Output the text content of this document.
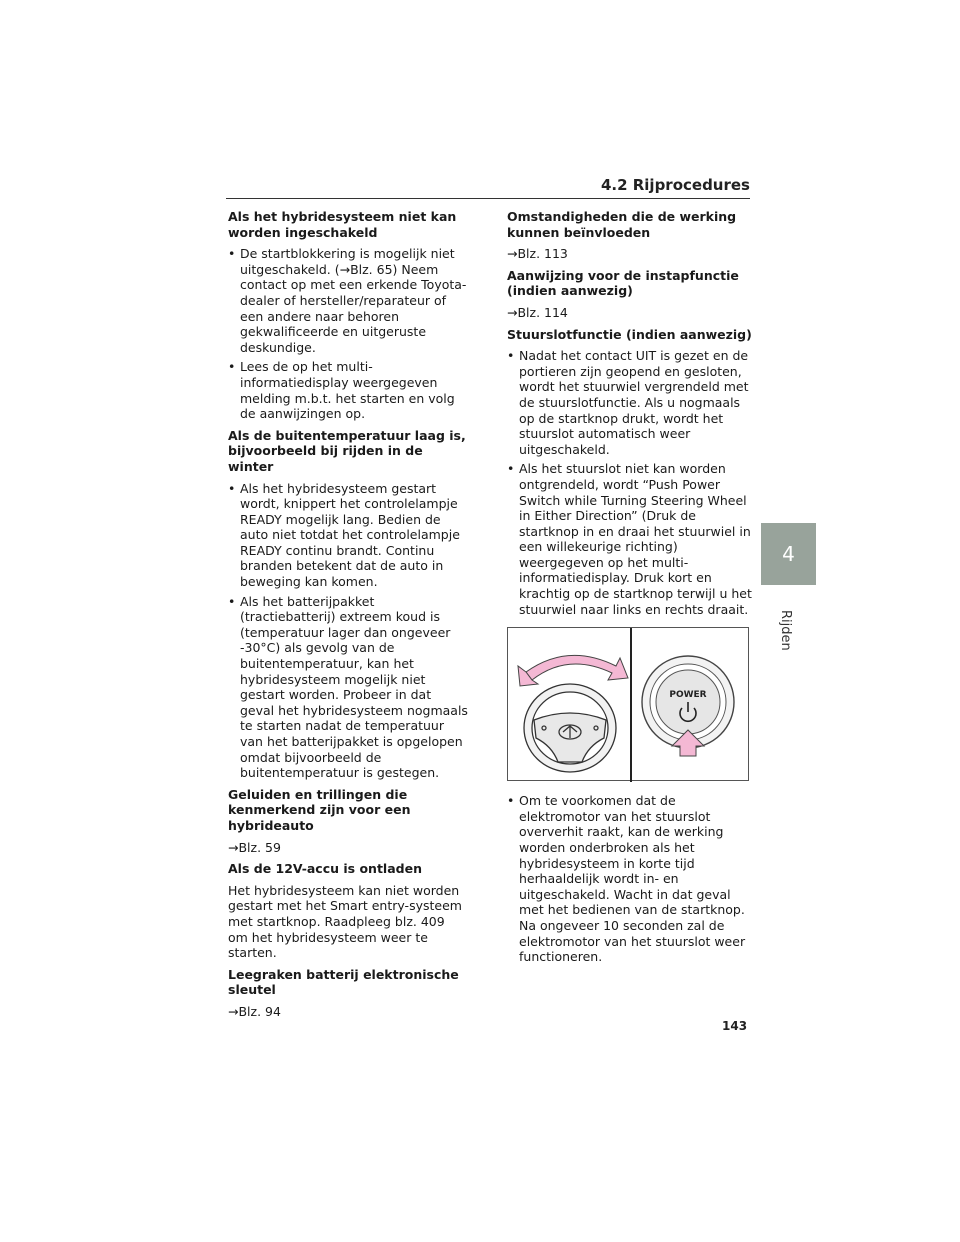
4.2 Rijprocedures
4
Rijden
Als het hybridesysteem niet kan worden ingeschakeld
• De startblokkering is mogelijk niet uitgeschakeld. (→Blz. 65) Neem contact op met een erkende Toyota-dealer of hersteller/reparateur of een andere naar behoren gekwalificeerde en uitgeruste deskundige.
• Lees de op het multi-informatiedisplay weergegeven melding m.b.t. het starten en volg de aanwijzingen op.
Als de buitentemperatuur laag is, bijvoorbeeld bij rijden in de winter
• Als het hybridesysteem gestart wordt, knippert het controlelampje READY mogelijk lang. Bedien de auto niet totdat het controlelampje READY continu brandt. Continu branden betekent dat de auto in beweging kan komen.
• Als het batterijpakket (tractiebatterij) extreem koud is (temperatuur lager dan ongeveer -30°C) als gevolg van de buitentemperatuur, kan het hybridesysteem mogelijk niet gestart worden. Probeer in dat geval het hybridesysteem nogmaals te starten nadat de temperatuur van het batterijpakket is opgelopen omdat bijvoorbeeld de buitentemperatuur is gestegen.
Geluiden en trillingen die kenmerkend zijn voor een hybrideauto
→Blz. 59
Als de 12V-accu is ontladen
Het hybridesysteem kan niet worden gestart met het Smart entry-systeem met startknop. Raadpleeg blz. 409 om het hybridesysteem weer te starten.
Leegraken batterij elektronische sleutel
→Blz. 94
Omstandigheden die de werking kunnen beïnvloeden
→Blz. 113
Aanwijzing voor de instapfunctie (indien aanwezig)
→Blz. 114
Stuurslotfunctie (indien aanwezig)
• Nadat het contact UIT is gezet en de portieren zijn geopend en gesloten, wordt het stuurwiel vergrendeld met de stuurslotfunctie. Als u nogmaals op de startknop drukt, wordt het stuurslot automatisch weer uitgeschakeld.
• Als het stuurslot niet kan worden ontgrendeld, wordt “Push Power Switch while Turning Steering Wheel in Either Direction” (Druk de startknop in en draai het stuurwiel in een willekeurige richting) weergegeven op het multi-informatiedisplay. Druk kort en krachtig op de startknop terwijl u het stuurwiel naar links en rechts draait.
POWER
• Om te voorkomen dat de elektromotor van het stuurslot oververhit raakt, kan de werking worden onderbroken als het hybridesysteem in korte tijd herhaaldelijk wordt in- en uitgeschakeld. Wacht in dat geval met het bedienen van de startknop. Na ongeveer 10 seconden zal de elektromotor van het stuurslot weer functioneren.
143
